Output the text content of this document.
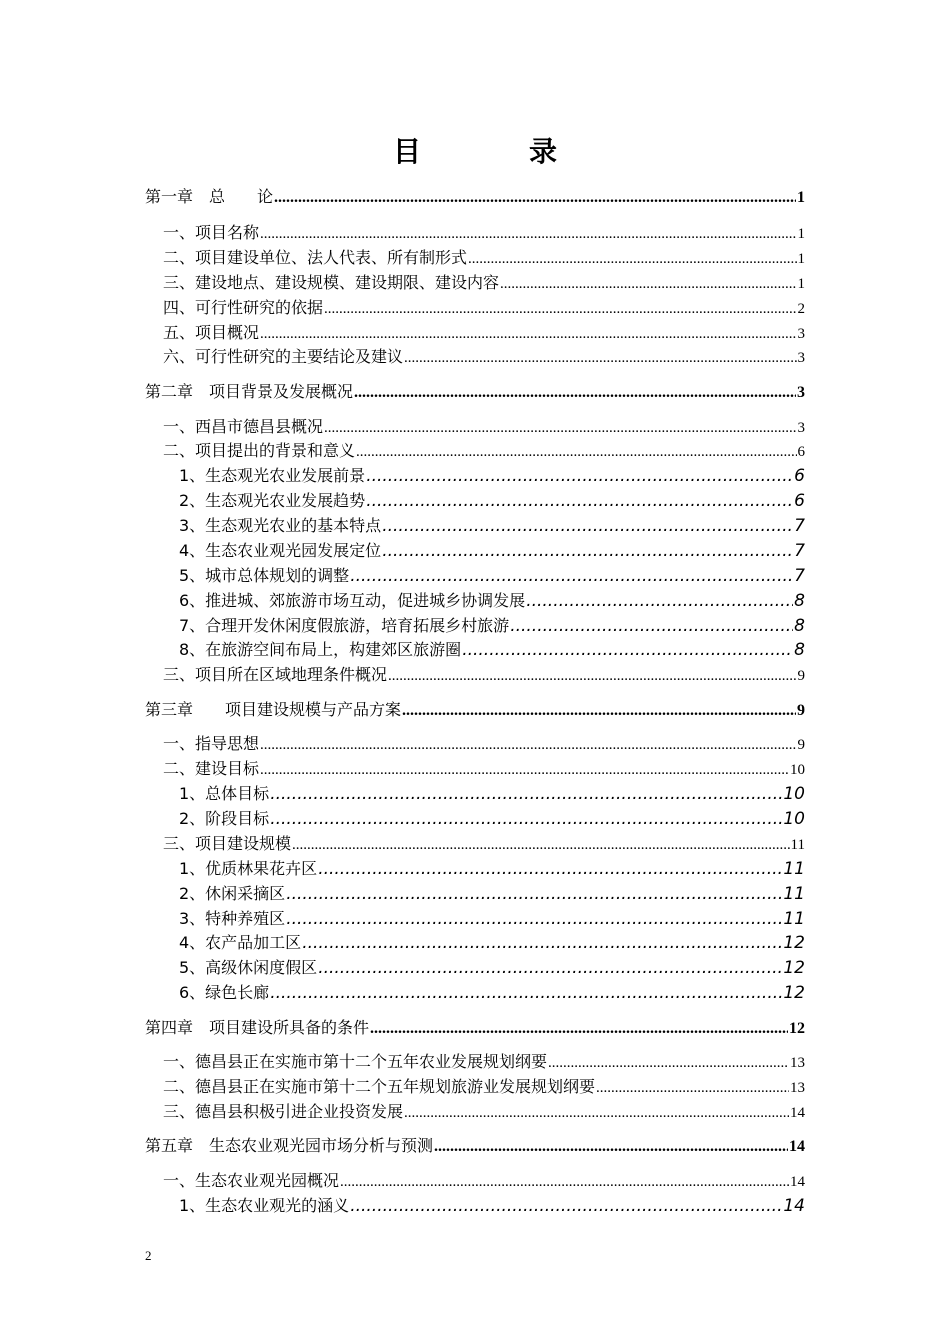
目　录
第一章　总　　论 .....	1
一、项目名称 .....	1
二、项目建设单位、法人代表、所有制形式 .....	1
三、建设地点、建设规模、建设期限、建设内容 .....	1
四、可行性研究的依据 .....	2
五、项目概况 .....	3
六、可行性研究的主要结论及建议 .....	3
第二章　项目背景及发展概况 .....	3
一、西昌市德昌县概况 .....	3
二、项目提出的背景和意义 .....	6
1、生态观光农业发展前景 .....	6
2、生态观光农业发展趋势 .....	6
3、生态观光农业的基本特点 .....	7
4、生态农业观光园发展定位 .....	7
5、城市总体规划的调整 .....	7
6、推进城、郊旅游市场互动，促进城乡协调发展 .....	8
7、合理开发休闲度假旅游，培育拓展乡村旅游 .....	8
8、在旅游空间布局上，构建郊区旅游圈 .....	8
三、项目所在区域地理条件概况 .....	9
第三章　　项目建设规模与产品方案 .....	9
一、指导思想 .....	9
二、建设目标 .....	10
1、总体目标 .....	10
2、阶段目标 .....	10
三、项目建设规模 .....	11
1、优质林果花卉区 .....	11
2、休闲采摘区 .....	11
3、特种养殖区 .....	11
4、农产品加工区 .....	12
5、高级休闲度假区 .....	12
6、绿色长廊 .....	12
第四章　项目建设所具备的条件 .....	12
一、德昌县正在实施市第十二个五年农业发展规划纲要 .....	13
二、德昌县正在实施市第十二个五年规划旅游业发展规划纲要 .....	13
三、德昌县积极引进企业投资发展 .....	14
第五章　生态农业观光园市场分析与预测 .....	14
一、生态农业观光园概况 .....	14
1、生态农业观光的涵义 .....	14
2
